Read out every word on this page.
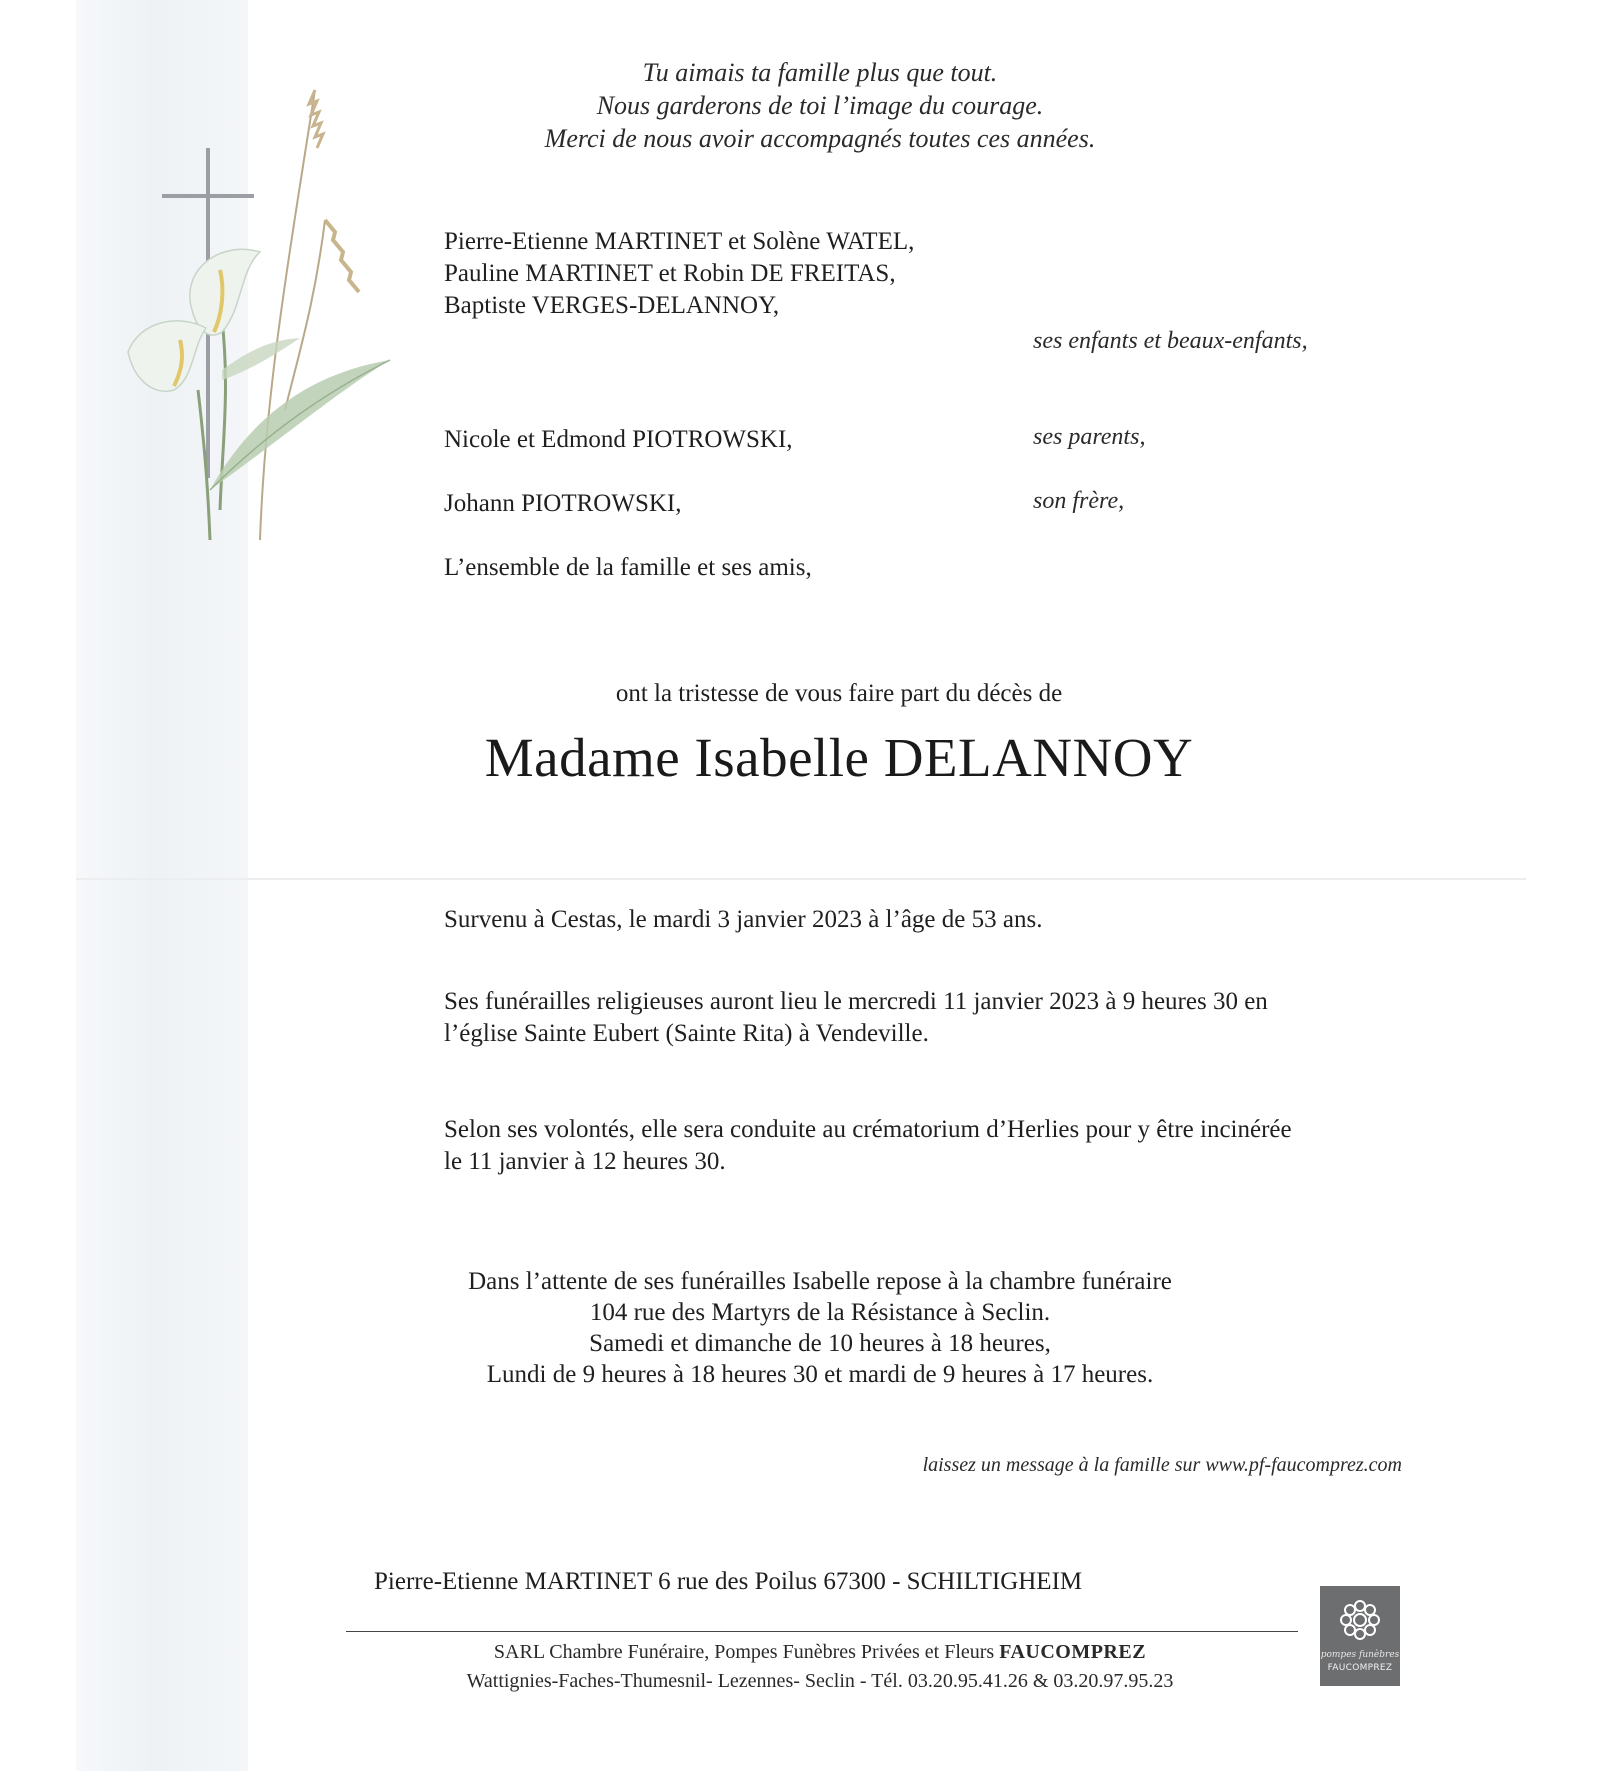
Tu aimais ta famille plus que tout.
Nous garderons de toi l’image du courage.
Merci de nous avoir accompagnés toutes ces années.
Pierre-Etienne MARTINET et Solène WATEL,
Pauline MARTINET et Robin DE FREITAS,
Baptiste VERGES-DELANNOY,
ses enfants et beaux-enfants,
Nicole et Edmond PIOTROWSKI,	ses parents,
Johann PIOTROWSKI,	son frère,
L’ensemble de la famille et ses amis,
ont la tristesse de vous faire part du décès de
Madame Isabelle DELANNOY
Survenu à Cestas, le mardi 3 janvier 2023 à l’âge de 53 ans.
Ses funérailles religieuses auront lieu le mercredi 11 janvier 2023 à 9 heures 30 en
l’église Sainte Eubert (Sainte Rita) à Vendeville.
Selon ses volontés, elle sera conduite au crématorium d’Herlies pour y être incinérée
le 11 janvier à 12 heures 30.
Dans l’attente de ses funérailles Isabelle repose à la chambre funéraire
104 rue des Martyrs de la Résistance à Seclin.
Samedi et dimanche de 10 heures à 18 heures,
Lundi de 9 heures à 18 heures 30 et mardi de 9 heures à 17 heures.
laissez un message à la famille sur www.pf-faucomprez.com
Pierre-Etienne MARTINET 6 rue des Poilus 67300 - SCHILTIGHEIM
SARL Chambre Funéraire, Pompes Funèbres Privées et Fleurs FAUCOMPREZ
Wattignies-Faches-Thumesnil- Lezennes- Seclin - Tél. 03.20.95.41.26 & 03.20.97.95.23
pompes funèbres
FAUCOMPREZ
